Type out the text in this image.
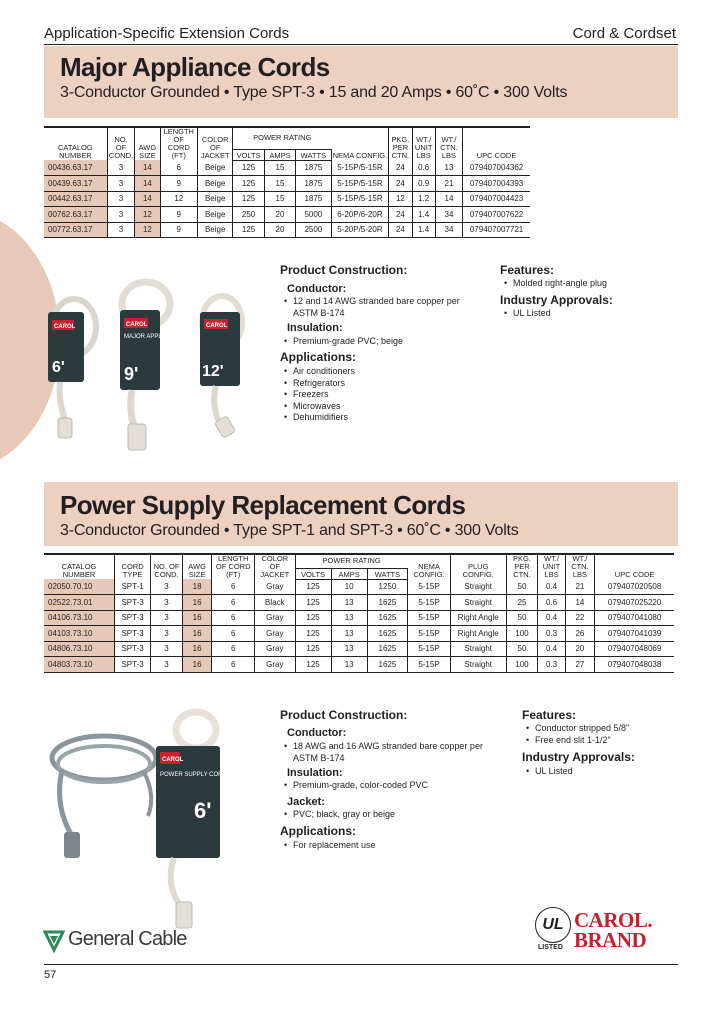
Application-Specific Extension Cords	Cord & Cordset
Major Appliance Cords
3-Conductor Grounded • Type SPT-3 • 15 and 20 Amps • 60˚C • 300 Volts
CATALOG NUMBER	NO. OF COND.	AWG SIZE	LENGTH OF CORD (FT)	COLOR OF JACKET	POWER RATING			NEMA CONFIG.	PKG. PER CTN.	WT./ UNIT LBS	WT./ CTN. LBS	UPC CODE
					VOLTS	AMPS	WATTS					
00436.63.17	3	14	6	Beige	125	15	1875	5-15P/5-15R	24	0.6	13	079407004362
00439.63.17	3	14	9	Beige	125	15	1875	5-15P/5-15R	24	0.9	21	079407004393
00442.63.17	3	14	12	Beige	125	15	1875	5-15P/5-15R	12	1.2	14	079407004423
00762.63.17	3	12	9	Beige	250	20	5000	6-20P/6-20R	24	1.4	34	079407007622
00772.63.17	3	12	9	Beige	125	20	2500	5-20P/5-20R	24	1.4	34	079407007721
CAROL
6'
CAROL
MAJOR APPLIANCE
9'
CAROL
12'
Product Construction:
Conductor:
• 12 and 14 AWG stranded bare copper per ASTM B-174
Insulation:
• Premium-grade PVC; beige
Applications:
• Air conditioners
• Refrigerators
• Freezers
• Microwaves
• Dehumidifiers
Features:
• Molded right-angle plug
Industry Approvals:
• UL Listed
Power Supply Replacement Cords
3-Conductor Grounded • Type SPT-1 and SPT-3 • 60˚C • 300 Volts
CATALOG NUMBER	CORD TYPE	NO. OF COND.	AWG SIZE	LENGTH OF CORD (FT)	COLOR OF JACKET	POWER RATING			NEMA CONFIG.	PLUG CONFIG.	PKG. PER CTN.	WT./ UNIT LBS	WT./ CTN. LBS	UPC CODE
						VOLTS	AMPS	WATTS						
02050.70.10	SPT-1	3	18	6	Gray	125	10	1250	5-15P	Straight	50	0.4	21	079407020508
02522.73.01	SPT-3	3	16	6	Black	125	13	1625	5-15P	Straight	25	0.6	14	079407025220
04106.73.10	SPT-3	3	16	6	Gray	125	13	1625	5-15P	Right Angle	50	0.4	22	079407041080
04103.73.10	SPT-3	3	16	6	Gray	125	13	1625	5-15P	Right Angle	100	0.3	26	079407041039
04806.73.10	SPT-3	3	16	6	Gray	125	13	1625	5-15P	Straight	50	0.4	20	079407048069
04803.73.10	SPT-3	3	16	6	Gray	125	13	1625	5-15P	Straight	100	0.3	27	079407048038
CAROL
POWER SUPPLY CORDS
6'
Product Construction:
Conductor:
• 18 AWG and 16 AWG stranded bare copper per ASTM B-174
Insulation:
• Premium-grade, color-coded PVC
Jacket:
• PVC; black, gray or beige
Applications:
• For replacement use
Features:
• Conductor stripped 5/8"
• Free end slit 1-1/2"
Industry Approvals:
• UL Listed
General Cable
UL
LISTED
CAROL.
BRAND
57
